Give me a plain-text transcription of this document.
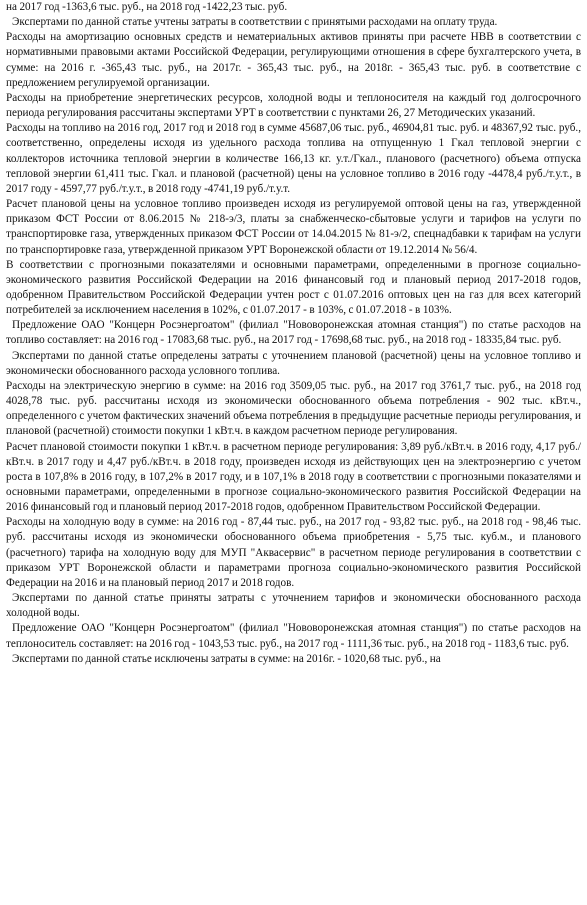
на 2017 год -1363,6 тыс. руб., на 2018 год -1422,23 тыс. руб.

Экспертами по данной статье учтены затраты в соответствии с принятыми расходами на оплату труда.

Расходы на амортизацию основных средств и нематериальных активов приняты при расчете НВВ в соответствии с нормативными правовыми актами Российской Федерации, регулирующими отношения в сфере бухгалтерского учета, в сумме: на 2016 г. -365,43 тыс. руб., на 2017г. - 365,43 тыс. руб., на 2018г. - 365,43 тыс. руб. в соответствие с предложением регулируемой организации.

Расходы на приобретение энергетических ресурсов, холодной воды и теплоносителя на каждый год долгосрочного периода регулирования рассчитаны экспертами УРТ в соответствии с пунктами 26, 27 Методических указаний.

Расходы на топливо на 2016 год, 2017 год и 2018 год в сумме 45687,06 тыс. руб., 46904,81 тыс. руб. и 48367,92 тыс. руб., соответственно, определены исходя из удельного расхода топлива на отпущенную 1 Гкал тепловой энергии с коллекторов источника тепловой энергии в количестве 166,13 кг. у.т./Гкал., планового (расчетного) объема отпуска тепловой энергии 61,411 тыс. Гкал. и плановой (расчетной) цены на условное топливо в 2016 году -4478,4 руб./т.у.т., в 2017 году - 4597,77 руб./т.у.т., в 2018 году -4741,19 руб./т.у.т.

Расчет плановой цены на условное топливо произведен исходя из регулируемой оптовой цены на газ, утвержденной приказом ФСТ России от 8.06.2015 № 218-э/3, платы за снабженческо-сбытовые услуги и тарифов на услуги по транспортировке газа, утвержденных приказом ФСТ России от 14.04.2015 № 81-э/2, спецнадбавки к тарифам на услуги по транспортировке газа, утвержденной приказом УРТ Воронежской области от 19.12.2014 № 56/4.

В соответствии с прогнозными показателями и основными параметрами, определенными в прогнозе социально-экономического развития Российской Федерации на 2016 финансовый год и плановый период 2017-2018 годов, одобренном Правительством Российской Федерации учтен рост с 01.07.2016 оптовых цен на газ для всех категорий потребителей за исключением населения в 102%, с 01.07.2017 - в 103%, с 01.07.2018 - в 103%.

Предложение ОАО "Концерн Росэнергоатом" (филиал "Нововоронежская атомная станция") по статье расходов на топливо составляет: на 2016 год - 17083,68 тыс. руб., на 2017 год - 17698,68 тыс. руб., на 2018 год - 18335,84 тыс. руб.

Экспертами по данной статье определены затраты с уточнением плановой (расчетной) цены на условное топливо и экономически обоснованного расхода условного топлива.

Расходы на электрическую энергию в сумме: на 2016 год 3509,05 тыс. руб., на 2017 год 3761,7 тыс. руб., на 2018 год 4028,78 тыс. руб. рассчитаны исходя из экономически обоснованного объема потребления - 902 тыс. кВт.ч., определенного с учетом фактических значений объема потребления в предыдущие расчетные периоды регулирования, и плановой (расчетной) стоимости покупки 1 кВт.ч. в каждом расчетном периоде регулирования.

Расчет плановой стоимости покупки 1 кВт.ч. в расчетном периоде регулирования: 3,89 руб./кВт.ч. в 2016 году, 4,17 руб./кВт.ч. в 2017 году и 4,47 руб./кВт.ч. в 2018 году, произведен исходя из действующих цен на электроэнергию с учетом роста в 107,8% в 2016 году, в 107,2% в 2017 году, и в 107,1% в 2018 году в соответствии с прогнозными показателями и основными параметрами, определенными в прогнозе социально-экономического развития Российской Федерации на 2016 финансовый год и плановый период 2017-2018 годов, одобренном Правительством Российской Федерации.

Расходы на холодную воду в сумме: на 2016 год - 87,44 тыс. руб., на 2017 год - 93,82 тыс. руб., на 2018 год - 98,46 тыс. руб. рассчитаны исходя из экономически обоснованного объема приобретения - 5,75 тыс. куб.м., и планового (расчетного) тарифа на холодную воду для МУП "Аквасервис" в расчетном периоде регулирования в соответствии с приказом УРТ Воронежской области и параметрами прогноза социально-экономического развития Российской Федерации на 2016 и на плановый период 2017 и 2018 годов.

Экспертами по данной статье приняты затраты с уточнением тарифов и экономически обоснованного расхода холодной воды.

Предложение ОАО "Концерн Росэнергоатом" (филиал "Нововоронежская атомная станция") по статье расходов на теплоноситель составляет: на 2016 год - 1043,53 тыс. руб., на 2017 год - 1111,36 тыс. руб., на 2018 год - 1183,6 тыс. руб.

Экспертами по данной статье исключены затраты в сумме: на 2016г. - 1020,68 тыс. руб., на
